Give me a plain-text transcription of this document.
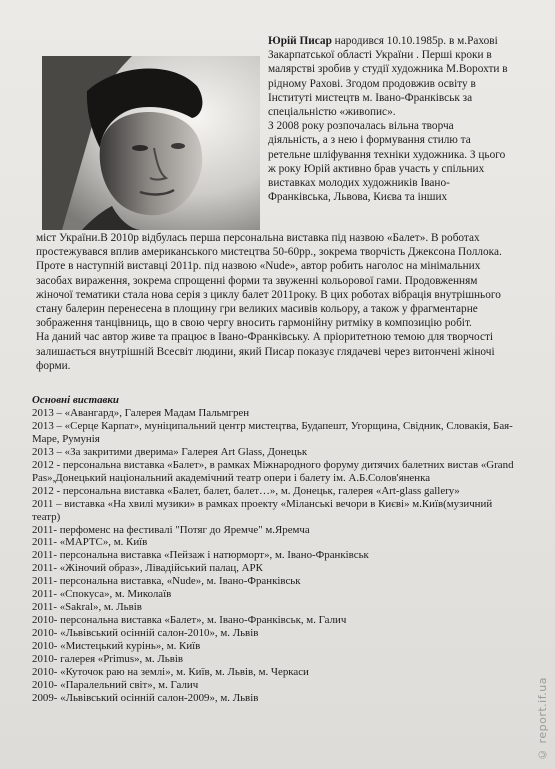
Юрій Писар народився 10.10.1985р. в м.Рахові Закарпатської області України . Перші кроки в малярстві зробив у студії художника М.Ворохти в рідному Рахові. Згодом продовжив освіту в Інституті мистецтв м. Івано-Франківськ за спеціальністю «живопис».

З 2008 року розпочалась вільна творча діяльність, а з нею і формування стилю та ретельне шліфування техніки художника. З цього ж року Юрій активно брав участь у спільних виставках молодих художників Івано-Франківська, Львова, Києва та інших

міст України.В 2010р відбулась перша персональна виставка під назвою «Балет». В роботах простежувався вплив американського мистецтва 50-60рр., зокрема творчість Джексона Поллока. Проте в наступній виставці 2011р. під назвою «Nude», автор робить наголос на мінімальних засобах вираження, зокрема спрощенні форми та звуженні кольорової гами. Продовженням жіночої тематики стала нова серія з циклу балет 2011року. В цих роботах вібрація внутрішнього стану балерин перенесена в площину гри великих масивів кольору, а також у фрагментарне зображення танцівниць, що в свою чергу вносить гармонійну ритміку в композицію робіт.

На даний час автор живе та працює в Івано-Франківську. А пріоритетною темою для творчості залишається внутрішній Всесвіт людини, який Писар показує глядачеві через витончені жіночі форми.

Основні виставки
2013 – «Авангард», Галерея Мадам Пальмгрен
2013 – «Серце Карпат», муніципальний центр мистецтва, Будапешт, Угорщина, Свідник, Словакія, Бая-Маре, Румунія
2013 – «За закритими дверима» Галерея Art Glass, Донецьк
2012 - персональна виставка «Балет», в рамках Міжнародного форуму дитячих балетних вистав «Grand Pas»,Донецький національний академічний театр опери і балету ім. А.Б.Солов'яненка
2012 - персональна виставка «Балет, балет, балет…», м. Донецьк, галерея «Art-glass gallery»
2011 – виставка «На хвилі музики» в рамках проекту «Міланські вечори в Києві» м.Київ(музичний театр)
2011- перфоменс на фестивалі "Потяг до Яремче" м.Яремча
2011- «МАРТС», м. Київ
2011- персональна виставка «Пейзаж і натюрморт», м. Івано-Франківськ
2011- «Жіночий образ», Лівадійський палац, АРК
2011- персональна виставка, «Nude», м. Івано-Франківськ
2011- «Спокуса», м. Миколаїв
2011- «Sakral», м. Львів
2010- персональна виставка «Балет», м. Івано-Франківськ, м. Галич
2010- «Львівський осінній салон-2010», м. Львів
2010- «Мистецький курінь», м. Київ
2010- галерея «Primus», м. Львів
2010- «Куточок раю на землі», м. Київ, м. Львів, м. Черкаси
2010- «Паралельний світ», м. Галич
2009- «Львівський осінній салон-2009», м. Львів	© report.if.ua
